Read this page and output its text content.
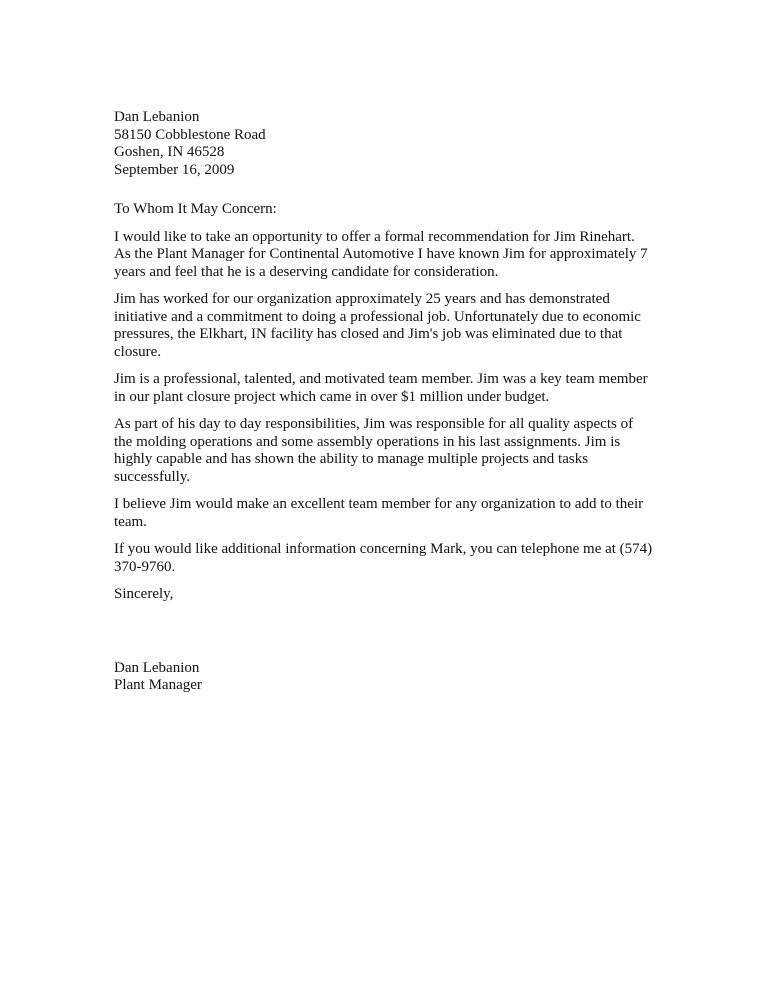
Dan Lebanion
58150 Cobblestone Road
Goshen, IN 46528
September 16, 2009

To Whom It May Concern:

I would like to take an opportunity to offer a formal recommendation for Jim Rinehart.
As the Plant Manager for Continental Automotive I have known Jim for approximately 7
years and feel that he is a deserving candidate for consideration.

Jim has worked for our organization approximately 25 years and has demonstrated
initiative and a commitment to doing a professional job. Unfortunately due to economic
pressures, the Elkhart, IN facility has closed and Jim's job was eliminated due to that
closure.

Jim is a professional, talented, and motivated team member. Jim was a key team member
in our plant closure project which came in over $1 million under budget.

As part of his day to day responsibilities, Jim was responsible for all quality aspects of
the molding operations and some assembly operations in his last assignments. Jim is
highly capable and has shown the ability to manage multiple projects and tasks
successfully.

I believe Jim would make an excellent team member for any organization to add to their
team.

If you would like additional information concerning Mark, you can telephone me at (574)
370-9760.

Sincerely,

Dan Lebanion
Plant Manager
